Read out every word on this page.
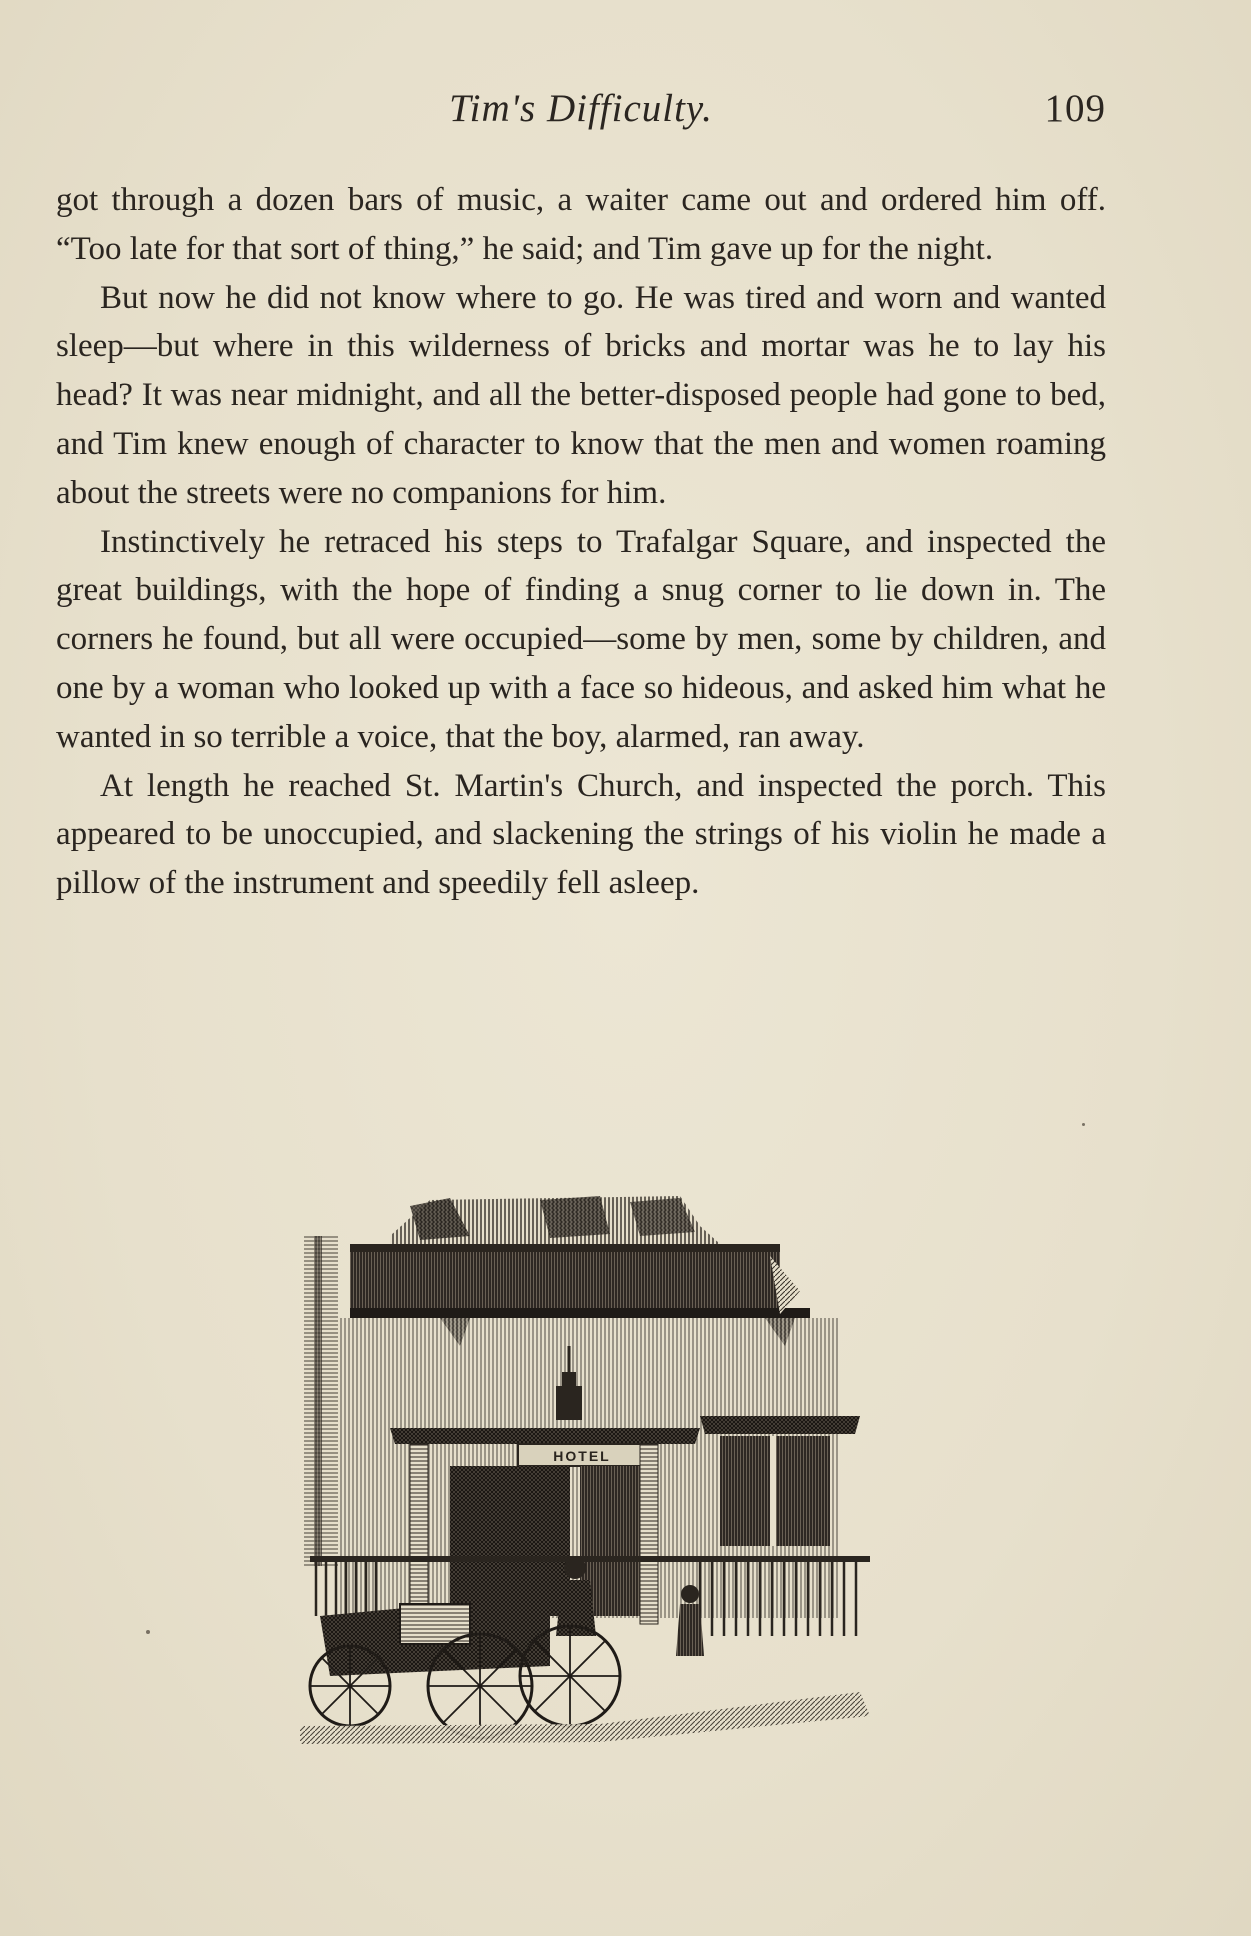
Tim's Difficulty.	109

got through a dozen bars of music, a waiter came out and ordered him off. “Too late for that sort of thing,” he said; and Tim gave up for the night.

But now he did not know where to go. He was tired and worn and wanted sleep—but where in this wilderness of bricks and mortar was he to lay his head? It was near midnight, and all the better-disposed people had gone to bed, and Tim knew enough of character to know that the men and women roaming about the streets were no companions for him.

Instinctively he retraced his steps to Trafalgar Square, and inspected the great buildings, with the hope of finding a snug corner to lie down in. The corners he found, but all were occupied—some by men, some by children, and one by a woman who looked up with a face so hideous, and asked him what he wanted in so terrible a voice, that the boy, alarmed, ran away.

At length he reached St. Martin's Church, and inspected the porch. This appeared to be unoccupied, and slackening the strings of his violin he made a pillow of the instrument and speedily fell asleep.

HOTEL
